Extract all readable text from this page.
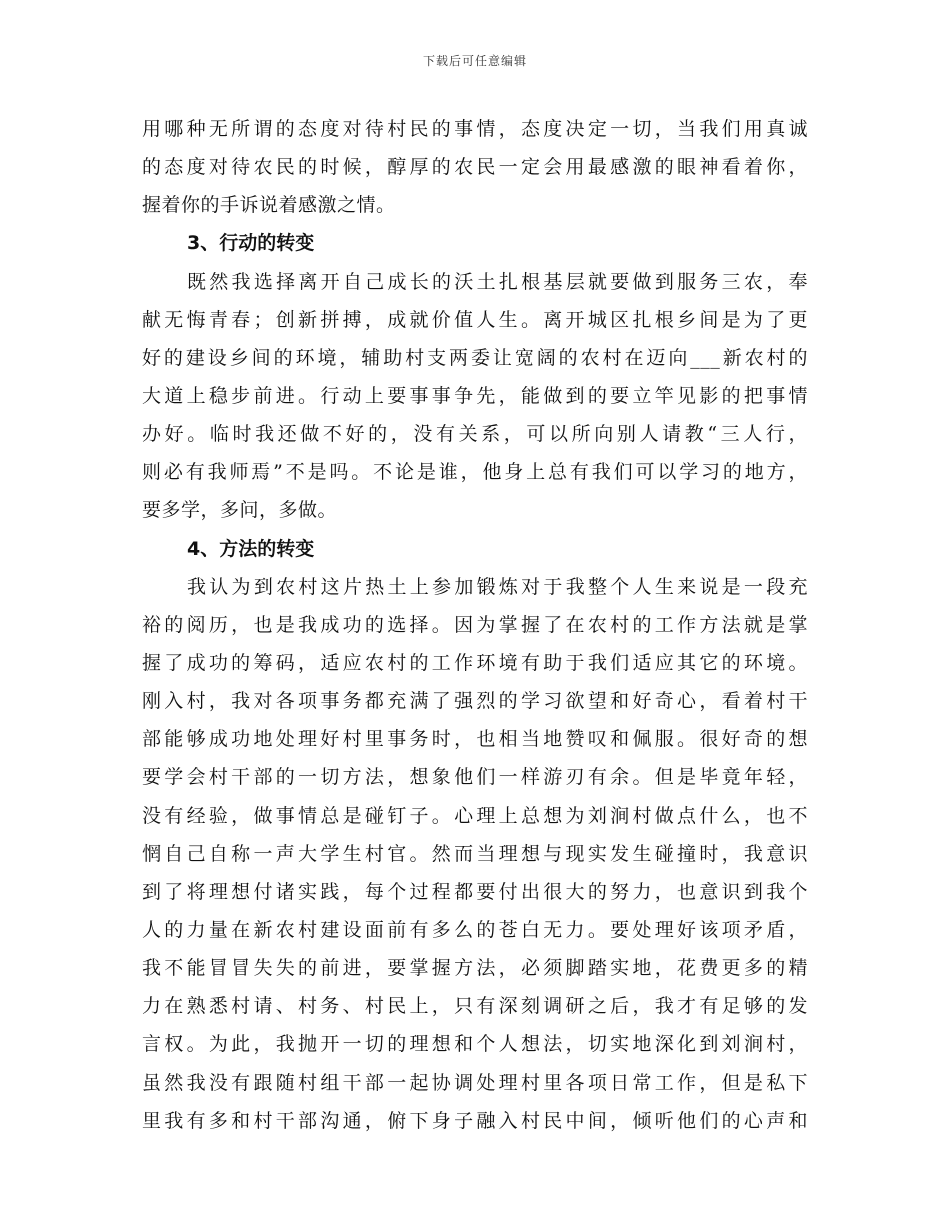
下载后可任意编辑
用哪种无所谓的态度对待村民的事情，态度决定一切，当我们用真诚
的态度对待农民的时候，醇厚的农民一定会用最感激的眼神看着你，
握着你的手诉说着感激之情。
3、行动的转变
既然我选择离开自己成长的沃土扎根基层就要做到服务三农，奉
献无悔青春；创新拼搏，成就价值人生。离开城区扎根乡间是为了更
好的建设乡间的环境，辅助村支两委让宽阔的农村在迈向___新农村的
大道上稳步前进。行动上要事事争先，能做到的要立竿见影的把事情
办好。临时我还做不好的，没有关系，可以所向别人请教“三人行，
则必有我师焉”不是吗。不论是谁，他身上总有我们可以学习的地方，
要多学，多问，多做。
4、方法的转变
我认为到农村这片热土上参加锻炼对于我整个人生来说是一段充
裕的阅历，也是我成功的选择。因为掌握了在农村的工作方法就是掌
握了成功的筹码，适应农村的工作环境有助于我们适应其它的环境。
刚入村，我对各项事务都充满了强烈的学习欲望和好奇心，看着村干
部能够成功地处理好村里事务时，也相当地赞叹和佩服。很好奇的想
要学会村干部的一切方法，想象他们一样游刃有余。但是毕竟年轻，
没有经验，做事情总是碰钉子。心理上总想为刘涧村做点什么，也不
惘自己自称一声大学生村官。然而当理想与现实发生碰撞时，我意识
到了将理想付诸实践，每个过程都要付出很大的努力，也意识到我个
人的力量在新农村建设面前有多么的苍白无力。要处理好该项矛盾，
我不能冒冒失失的前进，要掌握方法，必须脚踏实地，花费更多的精
力在熟悉村请、村务、村民上，只有深刻调研之后，我才有足够的发
言权。为此，我抛开一切的理想和个人想法，切实地深化到刘涧村，
虽然我没有跟随村组干部一起协调处理村里各项日常工作，但是私下
里我有多和村干部沟通，俯下身子融入村民中间，倾听他们的心声和
